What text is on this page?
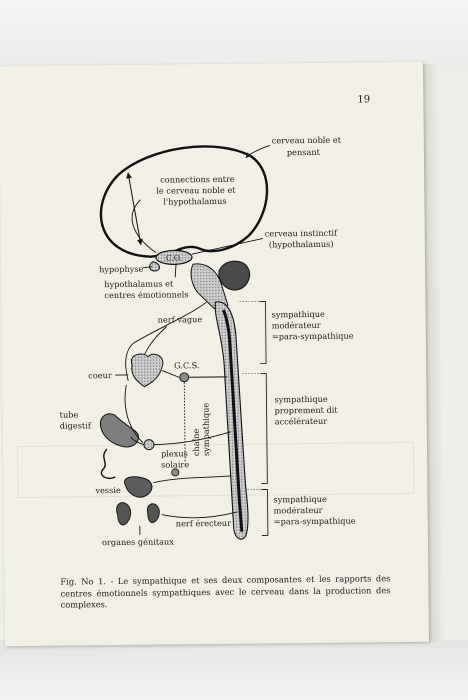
19
cerveau noble et
pensant
connections entre
le cerveau noble et
l'hypothalamus
C.O.
cerveau instinctif
(hypothalamus)
hypophyse
hypothalamus et
centres émotionnels
nerf vague	sympathique
modérateur
=para-sympathique
coeur
G.C.S.
chaîne sympathique
sympathique
proprement dit
accélérateur
tube
digestif
plexus
solaire
vessie
sympathique
modérateur
=para-sympathique
nerf érecteur
organes génitaux
Fig. No 1. - Le sympathique et ses deux composantes et les rapports des centres émotionnels sympathiques avec le cerveau dans la production des complexes.
